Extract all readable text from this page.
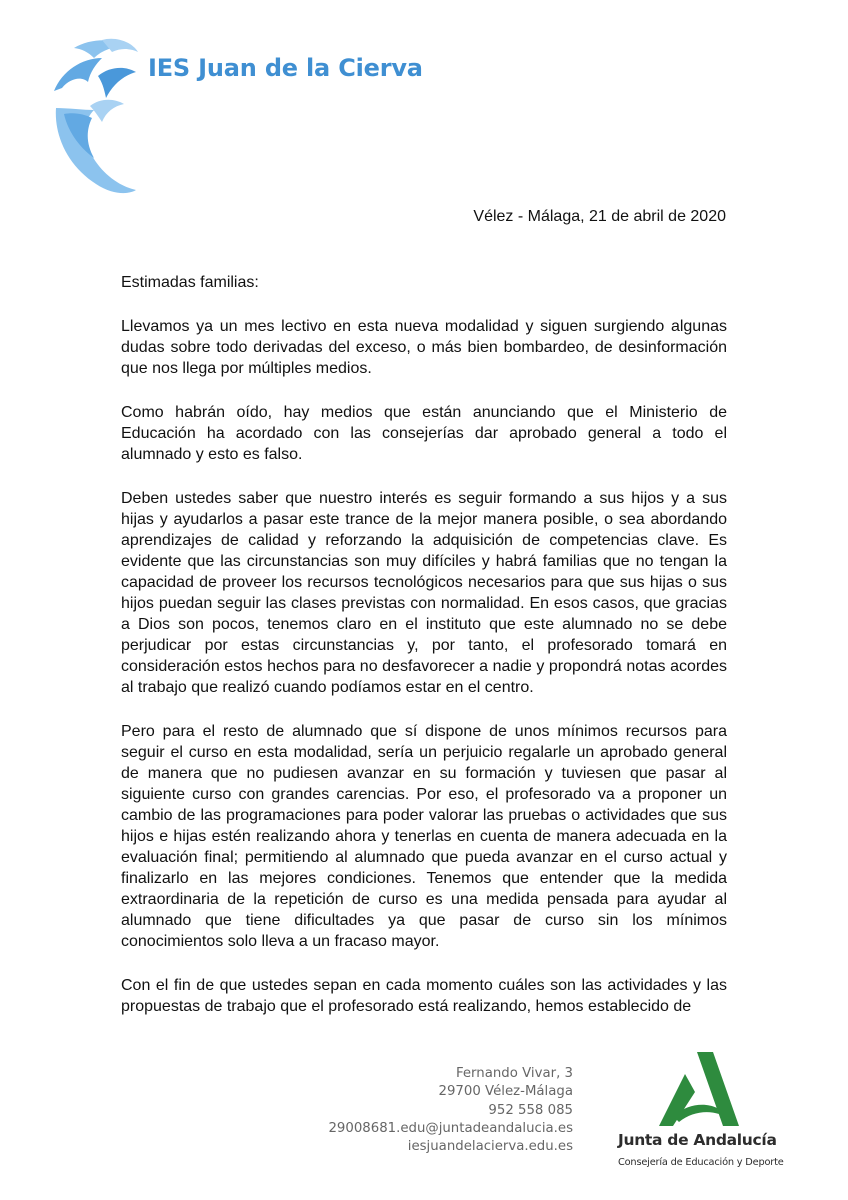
IES Juan de la Cierva
Vélez - Málaga, 21 de abril de 2020

Estimadas familias:

Llevamos ya un mes lectivo en esta nueva modalidad y siguen surgiendo algunas dudas sobre todo derivadas del exceso, o más bien bombardeo, de desinformación que nos llega por múltiples medios.

Como habrán oído, hay medios que están anunciando que el Ministerio de Educación ha acordado con las consejerías dar aprobado general a todo el alumnado y esto es falso.

Deben ustedes saber que nuestro interés es seguir formando a sus hijos y a sus hijas y ayudarlos a pasar este trance de la mejor manera posible, o sea abordando aprendizajes de calidad y reforzando la adquisición de competencias clave. Es evidente que las circunstancias son muy difíciles y habrá familias que no tengan la capacidad de proveer los recursos tecnológicos necesarios para que sus hijas o sus hijos puedan seguir las clases previstas con normalidad. En esos casos, que gracias a Dios son pocos, tenemos claro en el instituto que este alumnado no se debe perjudicar por estas circunstancias y, por tanto, el profesorado tomará en consideración estos hechos para no desfavorecer a nadie y propondrá notas acordes al trabajo que realizó cuando podíamos estar en el centro.

Pero para el resto de alumnado que sí dispone de unos mínimos recursos para seguir el curso en esta modalidad, sería un perjuicio regalarle un aprobado general de manera que no pudiesen avanzar en su formación y tuviesen que pasar al siguiente curso con grandes carencias. Por eso, el profesorado va a proponer un cambio de las programaciones para poder valorar las pruebas o actividades que sus hijos e hijas estén realizando ahora y tenerlas en cuenta de manera adecuada en la evaluación final; permitiendo al alumnado que pueda avanzar en el curso actual y finalizarlo en las mejores condiciones. Tenemos que entender que la medida extraordinaria de la repetición de curso es una medida pensada para ayudar al alumnado que tiene dificultades ya que pasar de curso sin los mínimos conocimientos solo lleva a un fracaso mayor.

Con el fin de que ustedes sepan en cada momento cuáles son las actividades y las propuestas de trabajo que el profesorado está realizando, hemos establecido de

Fernando Vivar, 3
29700 Vélez-Málaga
952 558 085
29008681.edu@juntadeandalucia.es
iesjuandelacierva.edu.es	Junta de Andalucía
Consejería de Educación y Deporte
